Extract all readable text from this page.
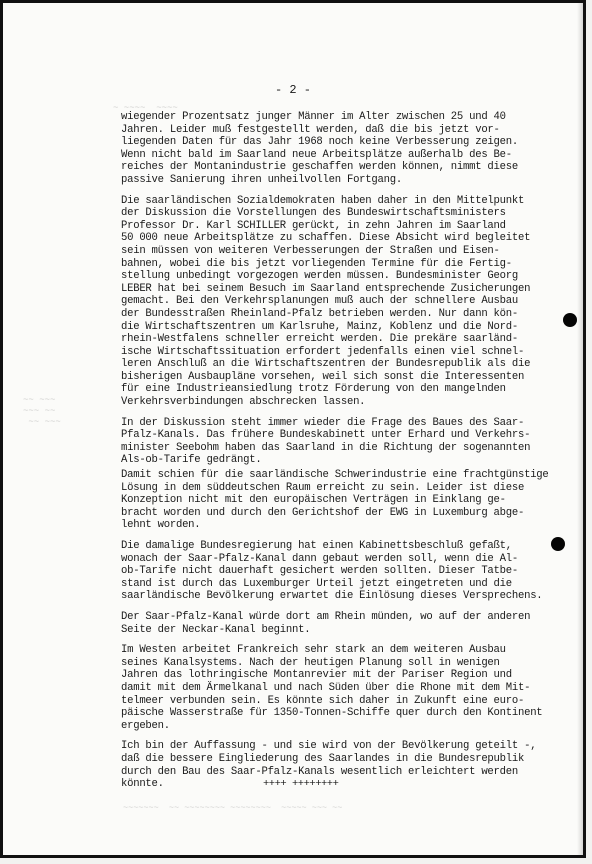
~ ~~~~  ~~~~
~~ ~~~
~~~ ~~
~~ ~~~
- 2 -

wiegender Prozentsatz junger Männer im Alter zwischen 25 und 40
Jahren. Leider muß festgestellt werden, daß die bis jetzt vor-
liegenden Daten für das Jahr 1968 noch keine Verbesserung zeigen.
Wenn nicht bald im Saarland neue Arbeitsplätze außerhalb des Be-
reiches der Montanindustrie geschaffen werden können, nimmt diese
passive Sanierung ihren unheilvollen Fortgang.

Die saarländischen Sozialdemokraten haben daher in den Mittelpunkt
der Diskussion die Vorstellungen des Bundeswirtschaftsministers
Professor Dr. Karl SCHILLER gerückt, in zehn Jahren im Saarland
50 000 neue Arbeitsplätze zu schaffen. Diese Absicht wird begleitet
sein müssen von weiteren Verbesserungen der Straßen und Eisen-
bahnen, wobei die bis jetzt vorliegenden Termine für die Fertig-
stellung unbedingt vorgezogen werden müssen. Bundesminister Georg
LEBER hat bei seinem Besuch im Saarland entsprechende Zusicherungen
gemacht. Bei den Verkehrsplanungen muß auch der schnellere Ausbau
der Bundesstraßen Rheinland-Pfalz betrieben werden. Nur dann kön-
die Wirtschaftszentren um Karlsruhe, Mainz, Koblenz und die Nord-
rhein-Westfalens schneller erreicht werden. Die prekäre saarländ-
ische Wirtschaftssituation erfordert jedenfalls einen viel schnel-
leren Anschluß an die Wirtschaftszentren der Bundesrepublik als die
bisherigen Ausbaupläne vorsehen, weil sich sonst die Interessenten
für eine Industrieansiedlung trotz Förderung von den mangelnden
Verkehrsverbindungen abschrecken lassen.

In der Diskussion steht immer wieder die Frage des Baues des Saar-
Pfalz-Kanals. Das frühere Bundeskabinett unter Erhard und Verkehrs-
minister Seebohm haben das Saarland in die Richtung der sogenannten
Als-ob-Tarife gedrängt.

Damit schien für die saarländische Schwerindustrie eine frachtgünstige
Lösung in dem süddeutschen Raum erreicht zu sein. Leider ist diese
Konzeption nicht mit den europäischen Verträgen in Einklang ge-
bracht worden und durch den Gerichtshof der EWG in Luxemburg abge-
lehnt worden.

Die damalige Bundesregierung hat einen Kabinettsbeschluß gefaßt,
wonach der Saar-Pfalz-Kanal dann gebaut werden soll, wenn die Al-
ob-Tarife nicht dauerhaft gesichert werden sollten. Dieser Tatbe-
stand ist durch das Luxemburger Urteil jetzt eingetreten und die
saarländische Bevölkerung erwartet die Einlösung dieses Versprechens.

Der Saar-Pfalz-Kanal würde dort am Rhein münden, wo auf der anderen
Seite der Neckar-Kanal beginnt.

Im Westen arbeitet Frankreich sehr stark an dem weiteren Ausbau
seines Kanalsystems. Nach der heutigen Planung soll in wenigen
Jahren das lothringische Montanrevier mit der Pariser Region und
damit mit dem Ärmelkanal und nach Süden über die Rhone mit dem Mit-
telmeer verbunden sein. Es könnte sich daher in Zukunft eine euro-
päische Wasserstraße für 1350-Tonnen-Schiffe quer durch den Kontinent
ergeben.

Ich bin der Auffassung - und sie wird von der Bevölkerung geteilt -,
daß die bessere Eingliederung des Saarlandes in die Bundesrepublik
durch den Bau des Saar-Pfalz-Kanals wesentlich erleichtert werden
könnte.	++++ ++++++++
~~~~~~~  ~~ ~~~~~~~~ ~~~~~~~~  ~~~~~ ~~~ ~~
